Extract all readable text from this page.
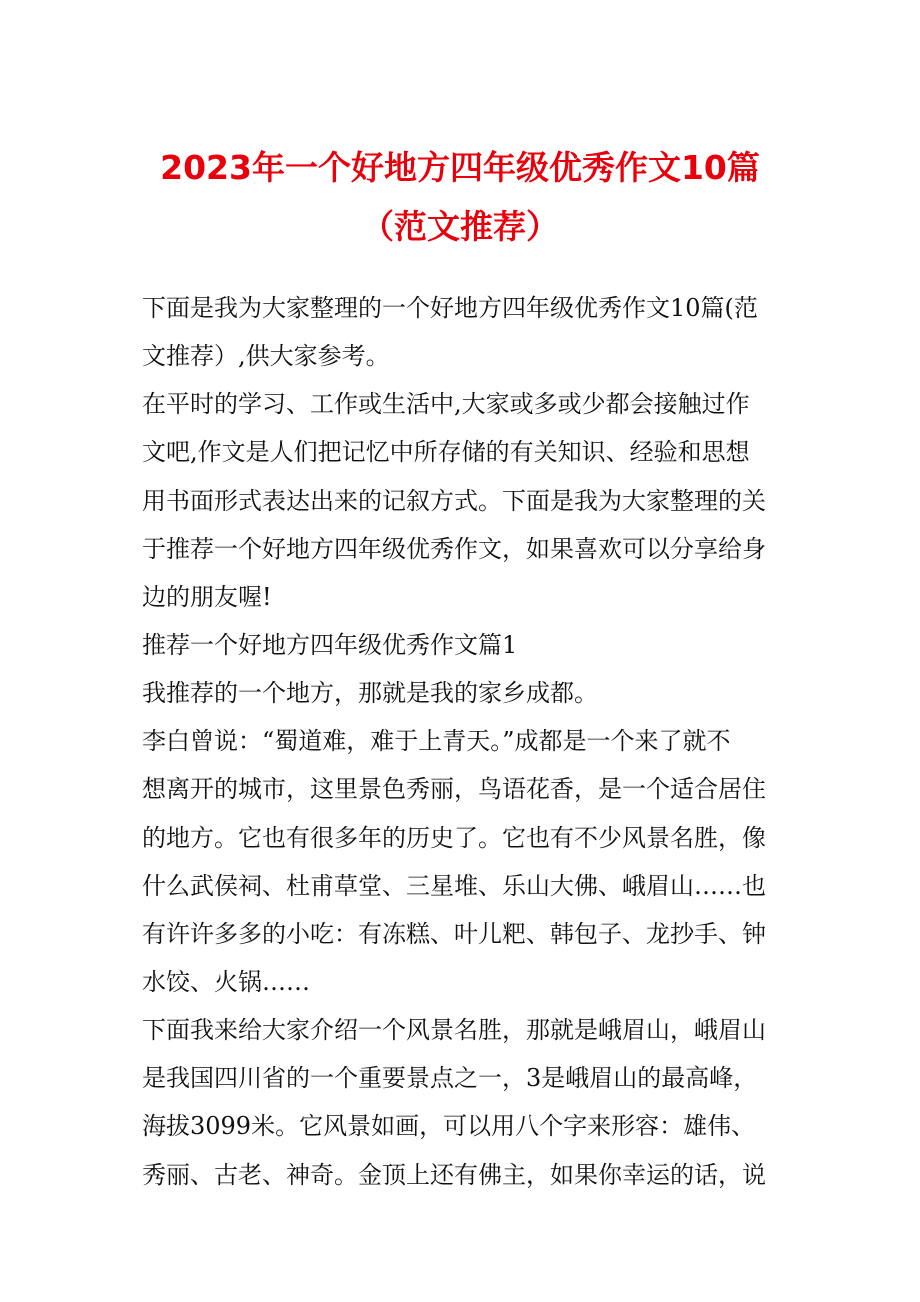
2023年一个好地方四年级优秀作文10篇
（范文推荐）
下面是我为大家整理的一个好地方四年级优秀作文10篇(范
文推荐）,供大家参考。
在平时的学习、工作或生活中,大家或多或少都会接触过作
文吧,作文是人们把记忆中所存储的有关知识、经验和思想
用书面形式表达出来的记叙方式。下面是我为大家整理的关
于推荐一个好地方四年级优秀作文，如果喜欢可以分享给身
边的朋友喔!
推荐一个好地方四年级优秀作文篇1
我推荐的一个地方，那就是我的家乡成都。
李白曾说：“蜀道难，难于上青天。”成都是一个来了就不
想离开的城市，这里景色秀丽，鸟语花香，是一个适合居住
的地方。它也有很多年的历史了。它也有不少风景名胜，像
什么武侯祠、杜甫草堂、三星堆、乐山大佛、峨眉山……也
有许许多多的小吃：有冻糕、叶儿粑、韩包子、龙抄手、钟
水饺、火锅……
下面我来给大家介绍一个风景名胜，那就是峨眉山，峨眉山
是我国四川省的一个重要景点之一，3是峨眉山的最高峰，
海拔3099米。它风景如画，可以用八个字来形容：雄伟、
秀丽、古老、神奇。金顶上还有佛主，如果你幸运的话，说
